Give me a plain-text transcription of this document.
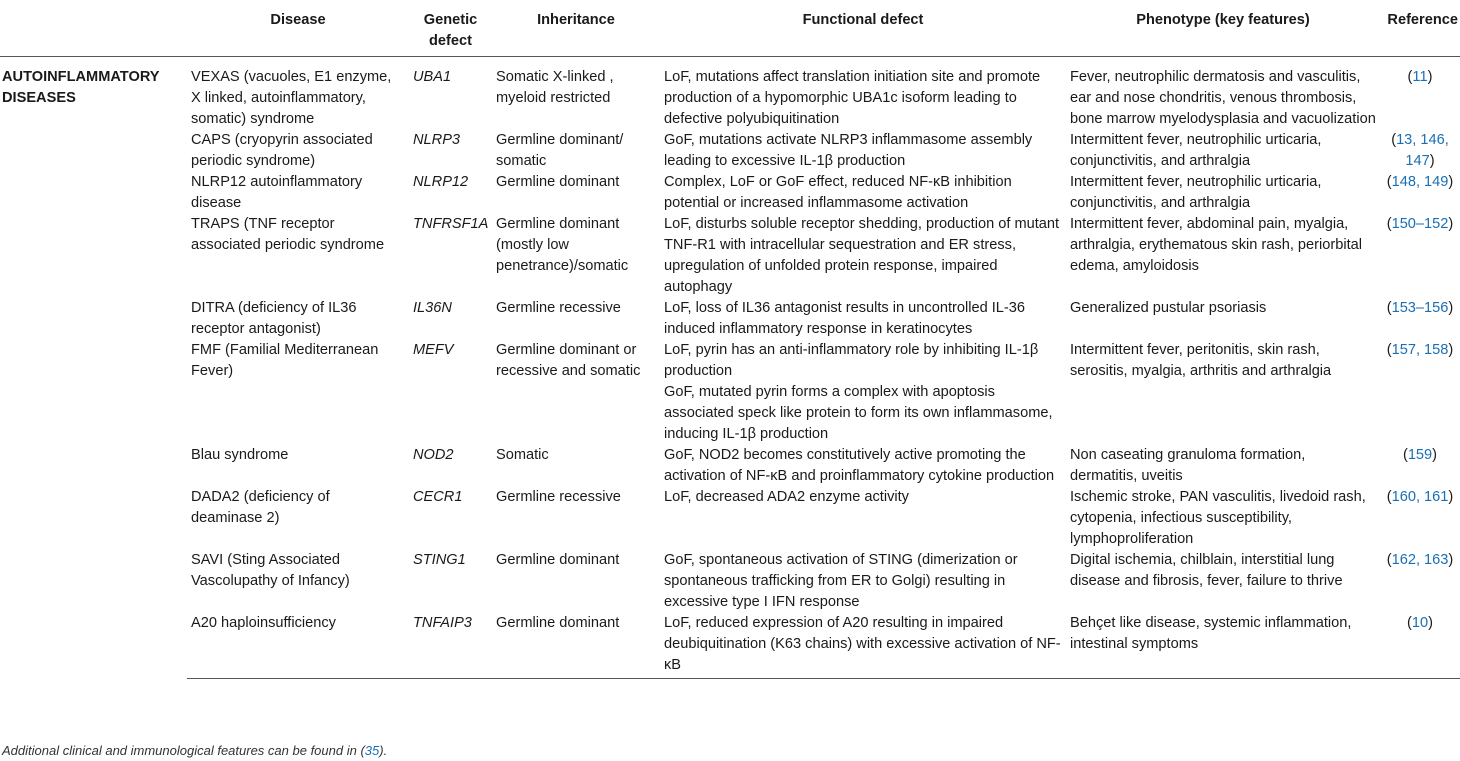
	Disease	Genetic defect	Inheritance	Functional defect	Phenotype (key features)	Reference
AUTOINFLAMMATORY DISEASES	VEXAS (vacuoles, E1 enzyme, X linked, autoinflammatory, somatic) syndrome	UBA1	Somatic X-linked , myeloid restricted	LoF, mutations affect translation initiation site and promote production of a hypomorphic UBA1c isoform leading to defective polyubiquitination	Fever, neutrophilic dermatosis and vasculitis, ear and nose chondritis, venous thrombosis, bone marrow myelodysplasia and vacuolization	(11)

	CAPS (cryopyrin associated periodic syndrome)	NLRP3	Germline dominant/ somatic	GoF, mutations activate NLRP3 inflammasome assembly leading to excessive IL-1β production	Intermittent fever, neutrophilic urticaria, conjunctivitis, and arthralgia	(13, 146,
147)

	NLRP12 autoinflammatory disease	NLRP12	Germline dominant	Complex, LoF or GoF effect, reduced NF-κB inhibition potential or increased inflammasome activation	Intermittent fever, neutrophilic urticaria, conjunctivitis, and arthralgia	(148, 149)

	TRAPS (TNF receptor associated periodic syndrome	TNFRSF1A	Germline dominant (mostly low penetrance)/somatic	LoF, disturbs soluble receptor shedding, production of mutant TNF-R1 with intracellular sequestration and ER stress, upregulation of unfolded protein response, impaired autophagy	Intermittent fever, abdominal pain, myalgia, arthralgia, erythematous skin rash, periorbital edema, amyloidosis	(150–152)

	DITRA (deficiency of IL36 receptor antagonist)	IL36N	Germline recessive	LoF, loss of IL36 antagonist results in uncontrolled IL-36 induced inflammatory response in keratinocytes	Generalized pustular psoriasis	(153–156)

	FMF (Familial Mediterranean Fever)	MEFV	Germline dominant or recessive and somatic	LoF, pyrin has an anti-inflammatory role by inhibiting IL-1β production
GoF, mutated pyrin forms a complex with apoptosis associated speck like protein to form its own inflammasome, inducing IL-1β production	Intermittent fever, peritonitis, skin rash, serositis, myalgia, arthritis and arthralgia	(157, 158)

	Blau syndrome	NOD2	Somatic	GoF, NOD2 becomes constitutively active promoting the activation of NF-κB and proinflammatory cytokine production	Non caseating granuloma formation, dermatitis, uveitis	(159)

	DADA2 (deficiency of deaminase 2)	CECR1	Germline recessive	LoF, decreased ADA2 enzyme activity	Ischemic stroke, PAN vasculitis, livedoid rash, cytopenia, infectious susceptibility, lymphoproliferation	(160, 161)

	SAVI (Sting Associated Vascolupathy of Infancy)	STING1	Germline dominant	GoF, spontaneous activation of STING (dimerization or spontaneous trafficking from ER to Golgi) resulting in excessive type I IFN response	Digital ischemia, chilblain, interstitial lung disease and fibrosis, fever, failure to thrive	(162, 163)

	A20 haploinsufficiency	TNFAIP3	Germline dominant	LoF, reduced expression of A20 resulting in impaired deubiquitination (K63 chains) with excessive activation of NF- κB	Behçet like disease, systemic inflammation, intestinal symptoms	(10)
Additional clinical and immunological features can be found in (35).
